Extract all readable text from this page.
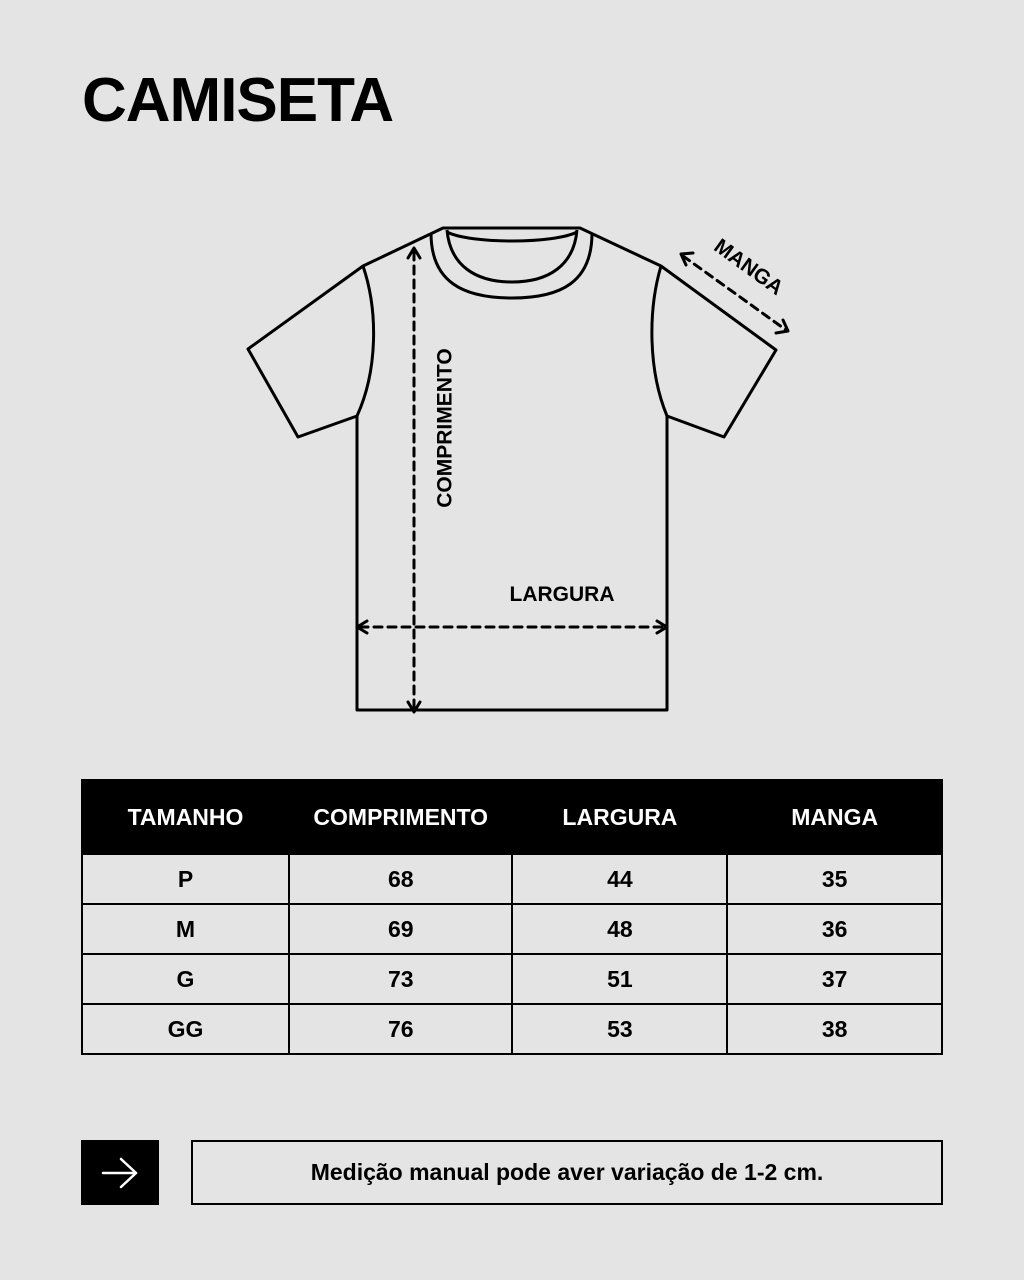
CAMISETA
COMPRIMENTO
LARGURA
MANGA
TAMANHO	COMPRIMENTO	LARGURA	MANGA
P	68	44	35
M	69	48	36
G	73	51	37
GG	76	53	38
Medição manual pode aver variação de 1-2 cm.
